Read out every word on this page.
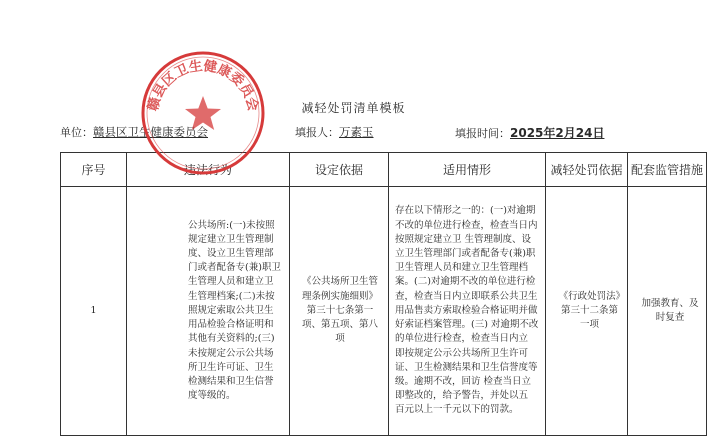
减轻处罚清单模板
单位：赣县区卫生健康委员会	填报人：万素玉	填报时间：2025年2月24日
序号	违法行为	设定依据	适用情形	减轻处罚依据	配套监管措施
1	公共场所:(一)未按照规定建立卫生管理制度、设立卫生管理部门或者配备专(兼)职卫生管理人员和建立卫生管理档案;(二)未按照规定索取公共卫生用品检验合格证明和其他有关资料的;(三)未按规定公示公共场所卫生许可证、卫生检测结果和卫生信誉 度等级的。	《公共场所卫生管理条例实施细则》第三十七条第一项、第五项、第八项	存在以下情形之一的：(一)对逾期不改的单位进行检查，检查当日内按照规定建立卫 生管理制度、设立卫生管理部门或者配备专(兼)职卫生管理人员和建立卫生管理档案。(二)对逾期不改的单位进行检查，检查当日内立即联系公共卫生用品售卖方索取检验合格证明并做好索证档案管理。(三) 对逾期不改的单位进行检查，检查当日内立 即按规定公示公共场所卫生许可证、卫生检测结果和卫生信誉度等级。逾期不改，回访 检查当日立即整改的，给予警告，并处以五 百元以上一千元以下的罚款。	《行政处罚法》第三十二条第一项	加强教育、及时复查
赣县区卫生健康委员会
